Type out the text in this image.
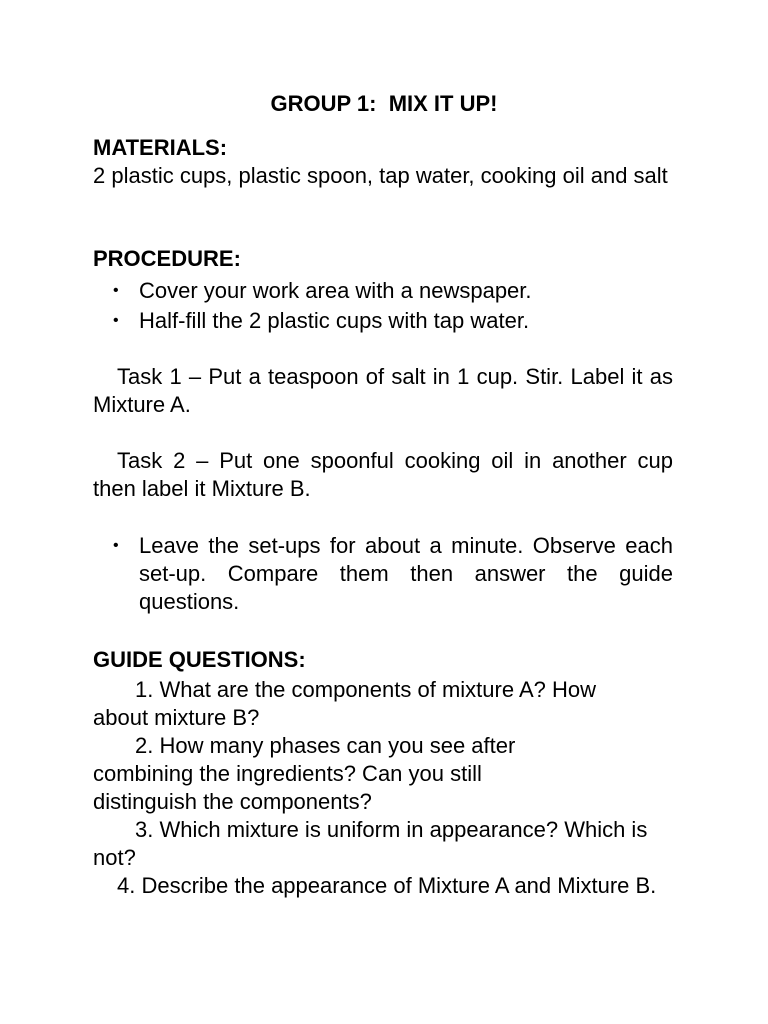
GROUP 1:  MIX IT UP!
MATERIALS:
2 plastic cups, plastic spoon, tap water, cooking oil and salt
PROCEDURE:
• Cover your work area with a newspaper.
• Half-fill the 2 plastic cups with tap water.
Task 1 – Put a teaspoon of salt in 1 cup. Stir. Label it as Mixture A.
Task 2 – Put one spoonful cooking oil in another cup then label it Mixture B.
• Leave the set-ups for about a minute. Observe each set-up. Compare them then answer the guide questions.
GUIDE QUESTIONS:
1. What are the components of mixture A? How about mixture B?
2. How many phases can you see after combining the ingredients? Can you still distinguish the components?
3. Which mixture is uniform in appearance? Which is not?
4. Describe the appearance of Mixture A and Mixture B.
